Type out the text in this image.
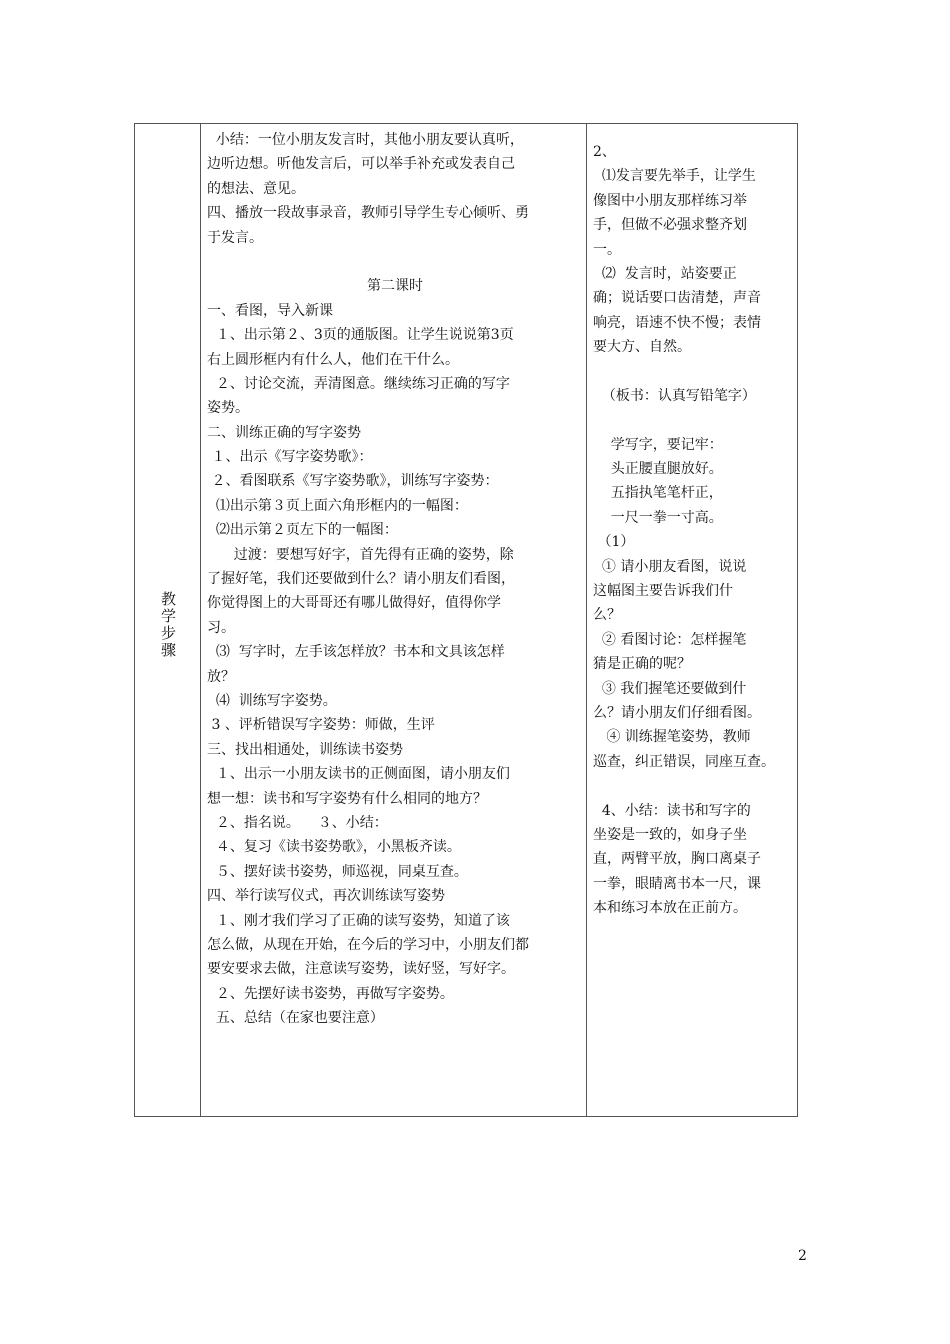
教学步骤
小结：一位小朋友发言时，其他小朋友要认真听，
边听边想。听他发言后，可以举手补充或发表自己
的想法、意见。
四、播放一段故事录音，教师引导学生专心倾听、勇
于发言。
第二课时
一、看图，导入新课
１、出示第２、3页的通版图。让学生说说第3页
右上圆形框内有什么人，他们在干什么。
２、讨论交流，弄清图意。继续练习正确的写字
姿势。
二、训练正确的写字姿势
１、出示《写字姿势歌》：
２、看图联系《写字姿势歌》，训练写字姿势：
⑴出示第３页上面六角形框内的一幅图：
⑵出示第２页左下的一幅图：
过渡：要想写好字，首先得有正确的姿势，除
了握好笔，我们还要做到什么？请小朋友们看图，
你觉得图上的大哥哥还有哪儿做得好，值得你学
习。
⑶  写字时，左手该怎样放？书本和文具该怎样
放？
⑷  训练写字姿势。
3 、评析错误写字姿势：师做，生评
三、找出相通处，训练读书姿势
１、出示一小朋友读书的正侧面图，请小朋友们
想一想：读书和写字姿势有什么相同的地方？
２、指名说。    ３、小结：
４、复习《读书姿势歌》，小黑板齐读。
５、摆好读书姿势，师巡视，同桌互查。
四、举行读写仪式，再次训练读写姿势
１、刚才我们学习了正确的读写姿势，知道了该
怎么做，从现在开始，在今后的学习中，小朋友们都
要安要求去做，注意读写姿势，读好竖，写好字。
２、先摆好读书姿势，再做写字姿势。
五、总结（在家也要注意）
2、
⑴发言要先举手，让学生
像图中小朋友那样练习举
手，但做不必强求整齐划
一。
⑵  发言时，站姿要正
确；说话要口齿清楚，声音
响亮，语速不快不慢；表情
要大方、自然。
（板书：认真写铅笔字）
学写字，要记牢：
头正腰直腿放好。
五指执笔笔杆正，
一尺一拳一寸高。
（1）
① 请小朋友看图，说说
这幅图主要告诉我们什
么？
② 看图讨论：怎样握笔
猜是正确的呢？
③ 我们握笔还要做到什
么？请小朋友们仔细看图。
④ 训练握笔姿势，教师
巡查，纠正错误，同座互查。
4、小结：读书和写字的
坐姿是一致的，如身子坐
直，两臂平放，胸口离桌子
一拳，眼睛离书本一尺，课
本和练习本放在正前方。
2
